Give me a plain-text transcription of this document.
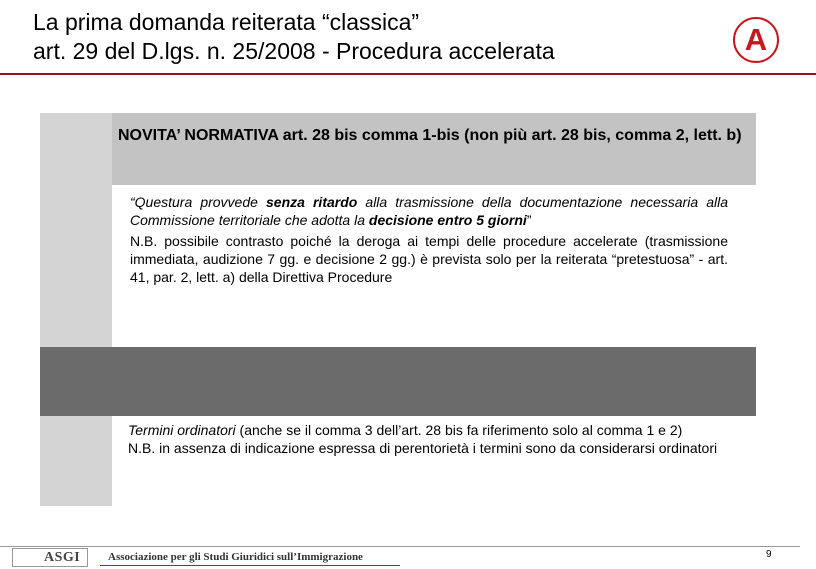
La prima domanda reiterata “classica”
art. 29 del D.lgs. n. 25/2008 - Procedura accelerata	A
NOVITA’ NORMATIVA art. 28 bis comma 1-bis (non più art. 28 bis, comma 2, lett. b)

“Questura provvede senza ritardo alla trasmissione della documentazione necessaria alla Commissione territoriale che adotta la decisione entro 5 giorni”

N.B. possibile contrasto poiché la deroga ai tempi delle procedure accelerate (trasmissione immediata, audizione 7 gg. e decisione 2 gg.) è prevista solo per la reiterata “pretestuosa” - art. 41, par. 2, lett. a) della Direttiva Procedure

Termini ordinatori (anche se il comma 3 dell’art. 28 bis fa riferimento solo al comma 1 e 2)

N.B. in assenza di indicazione espressa di perentorietà i termini sono da considerarsi ordinatori

ASGI	Associazione per gli Studi Giuridici sull’Immigrazione	9
